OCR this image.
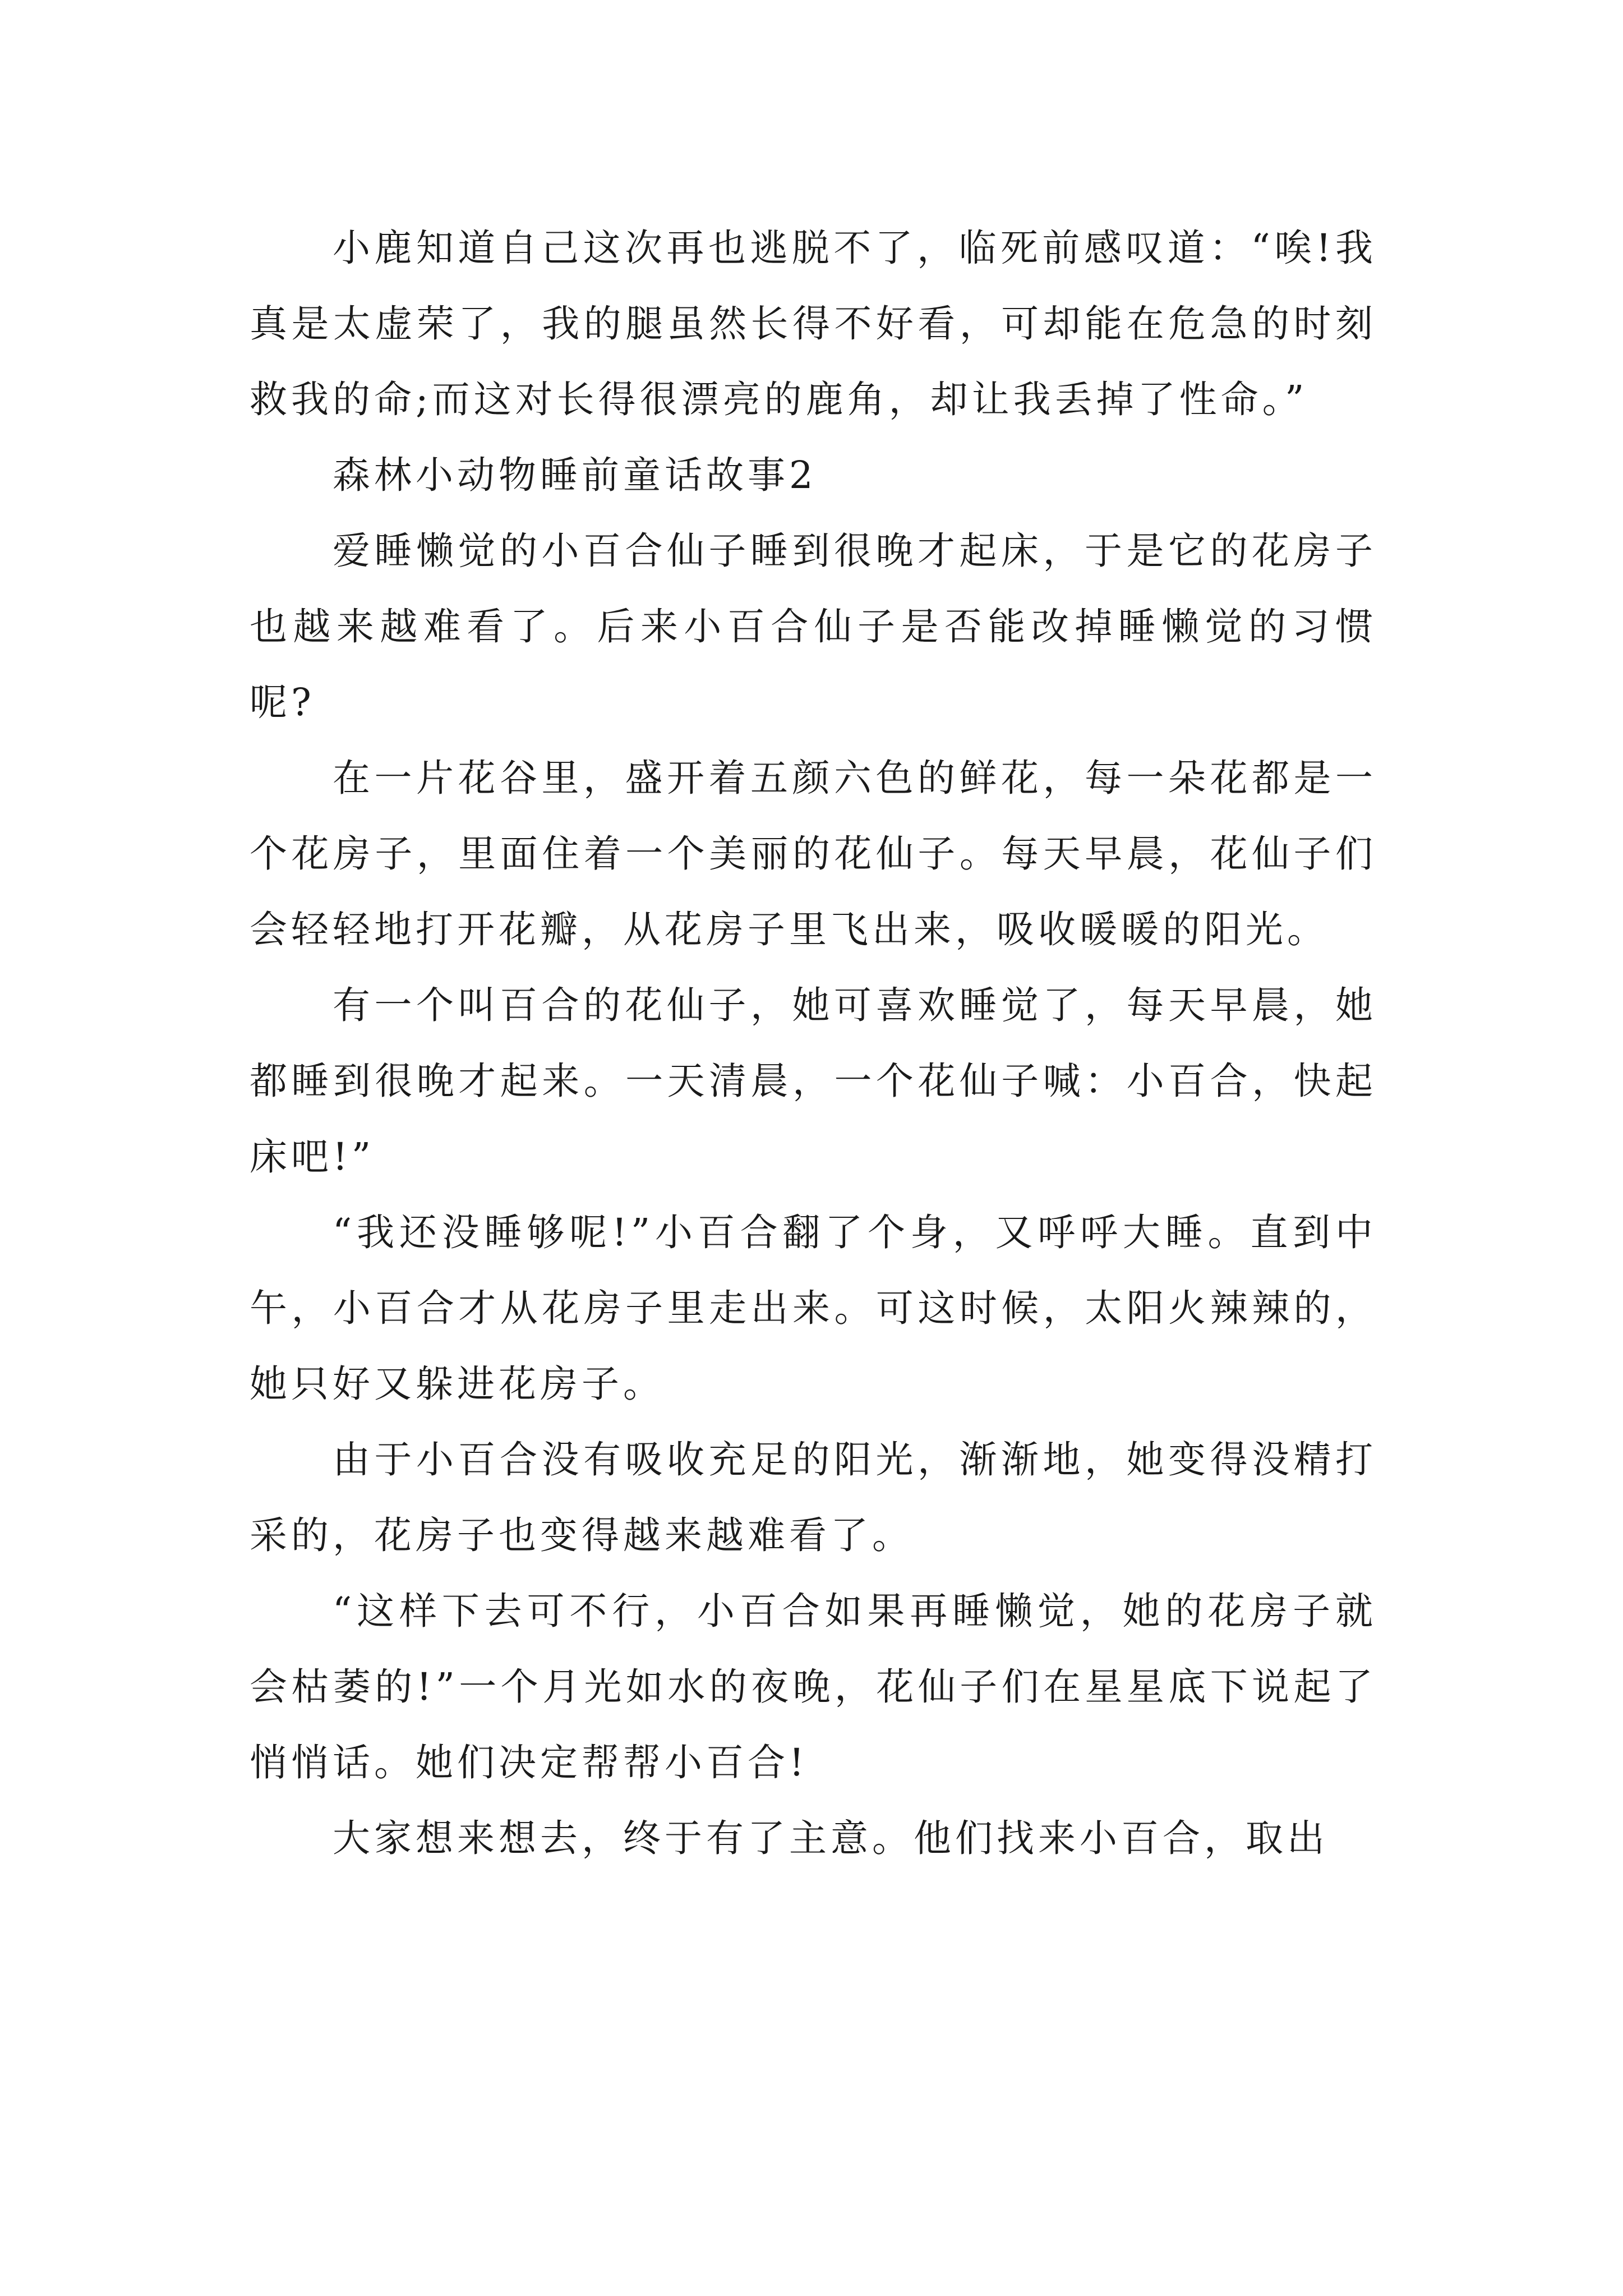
小鹿知道自己这次再也逃脱不了，临死前感叹道：“唉!我真是太虚荣了，我的腿虽然长得不好看，可却能在危急的时刻救我的命;而这对长得很漂亮的鹿角，却让我丢掉了性命。”

森林小动物睡前童话故事2

爱睡懒觉的小百合仙子睡到很晚才起床，于是它的花房子也越来越难看了。后来小百合仙子是否能改掉睡懒觉的习惯呢?

在一片花谷里，盛开着五颜六色的鲜花，每一朵花都是一个花房子，里面住着一个美丽的花仙子。每天早晨，花仙子们会轻轻地打开花瓣，从花房子里飞出来，吸收暖暖的阳光。

有一个叫百合的花仙子，她可喜欢睡觉了，每天早晨，她都睡到很晚才起来。一天清晨，一个花仙子喊：小百合，快起床吧!”

“我还没睡够呢!”小百合翻了个身，又呼呼大睡。直到中午，小百合才从花房子里走出来。可这时候，太阳火辣辣的，她只好又躲进花房子。

由于小百合没有吸收充足的阳光，渐渐地，她变得没精打采的，花房子也变得越来越难看了。

“这样下去可不行，小百合如果再睡懒觉，她的花房子就会枯萎的!”一个月光如水的夜晚，花仙子们在星星底下说起了悄悄话。她们决定帮帮小百合!

大家想来想去，终于有了主意。他们找来小百合，取出
